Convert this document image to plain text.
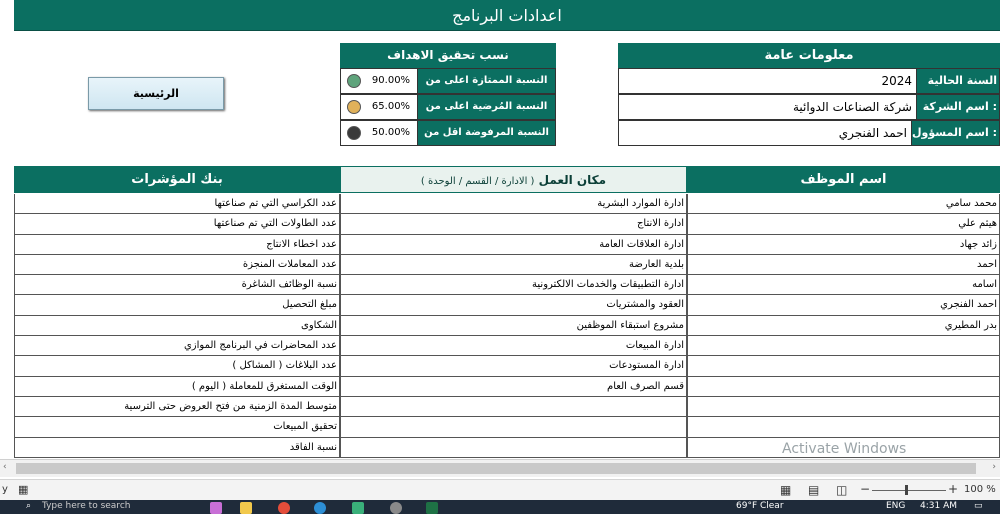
اعدادات البرنامج
معلومات عامة
2024	السنة الحالية
شركة الصناعات الدوائية اسم الشركة :
احمد الفنجري اسم المسؤول :
نسب تحقيق الاهداف
90.00%	النسبة الممتازة اعلى من
65.00%	النسبة المُرضية اعلى من
50.00%	النسبة المرفوضة اقل من
الرئيسية
بنك المؤشرات	مكان العمل ( الادارة / القسم / الوحدة )	اسم الموظف
عدد الكراسي التي تم صناعتها	ادارة الموارد البشرية	محمد سامي
عدد الطاولات التي تم صناعتها	ادارة الانتاج	هيثم علي
عدد اخطاء الانتاج	ادارة العلاقات العامة	زائد جهاد
عدد المعاملات المنجزة	بلدية العارضة	احمد
نسبة الوظائف الشاغرة	ادارة التطبيقات والخدمات الالكترونية	اسامه
مبلغ التحصيل	العقود والمشتريات	احمد الفنجري
الشكاوى	مشروع استبقاء الموظفين	بدر المطيري
عدد المحاضرات في البرنامج الموازي	ادارة المبيعات
عدد البلاغات ( المشاكل )	ادارة المستودعات
الوقت المستغرق للمعاملة ( اليوم )	قسم الصرف العام
متوسط المدة الزمنية من فتح العروض حتى الترسية
تحقيق المبيعات
نسبة الفاقد	Activate Windows
‹	›
y ▦	▦ ▤ ◫ −	+ 100 %
⌕ Type here to search	69°F Clear	ENG 4:31 AM ▭
